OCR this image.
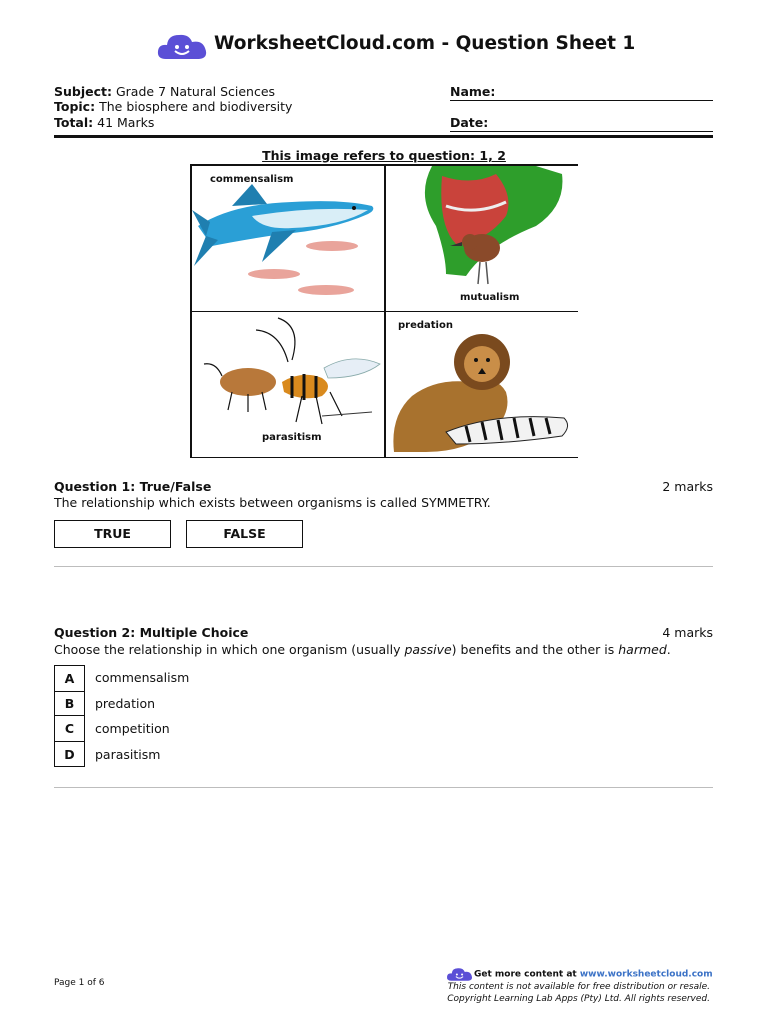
WorksheetCloud.com - Question Sheet 1
Subject: Grade 7 Natural Sciences
Topic: The biosphere and biodiversity
Total: 41 Marks
Name:
Date:
This image refers to question: 1, 2
commensalism
mutualism
parasitism
predation
Question 1: True/False	2 marks
The relationship which exists between organisms is called SYMMETRY.
TRUE	FALSE
Question 2: Multiple Choice	4 marks
Choose the relationship in which one organism (usually passive) benefits and the other is harmed.
A	commensalism
B	predation
C	competition
D	parasitism
Page 1 of 6
Get more content at www.worksheetcloud.com
This content is not available for free distribution or resale.
Copyright Learning Lab Apps (Pty) Ltd. All rights reserved.
